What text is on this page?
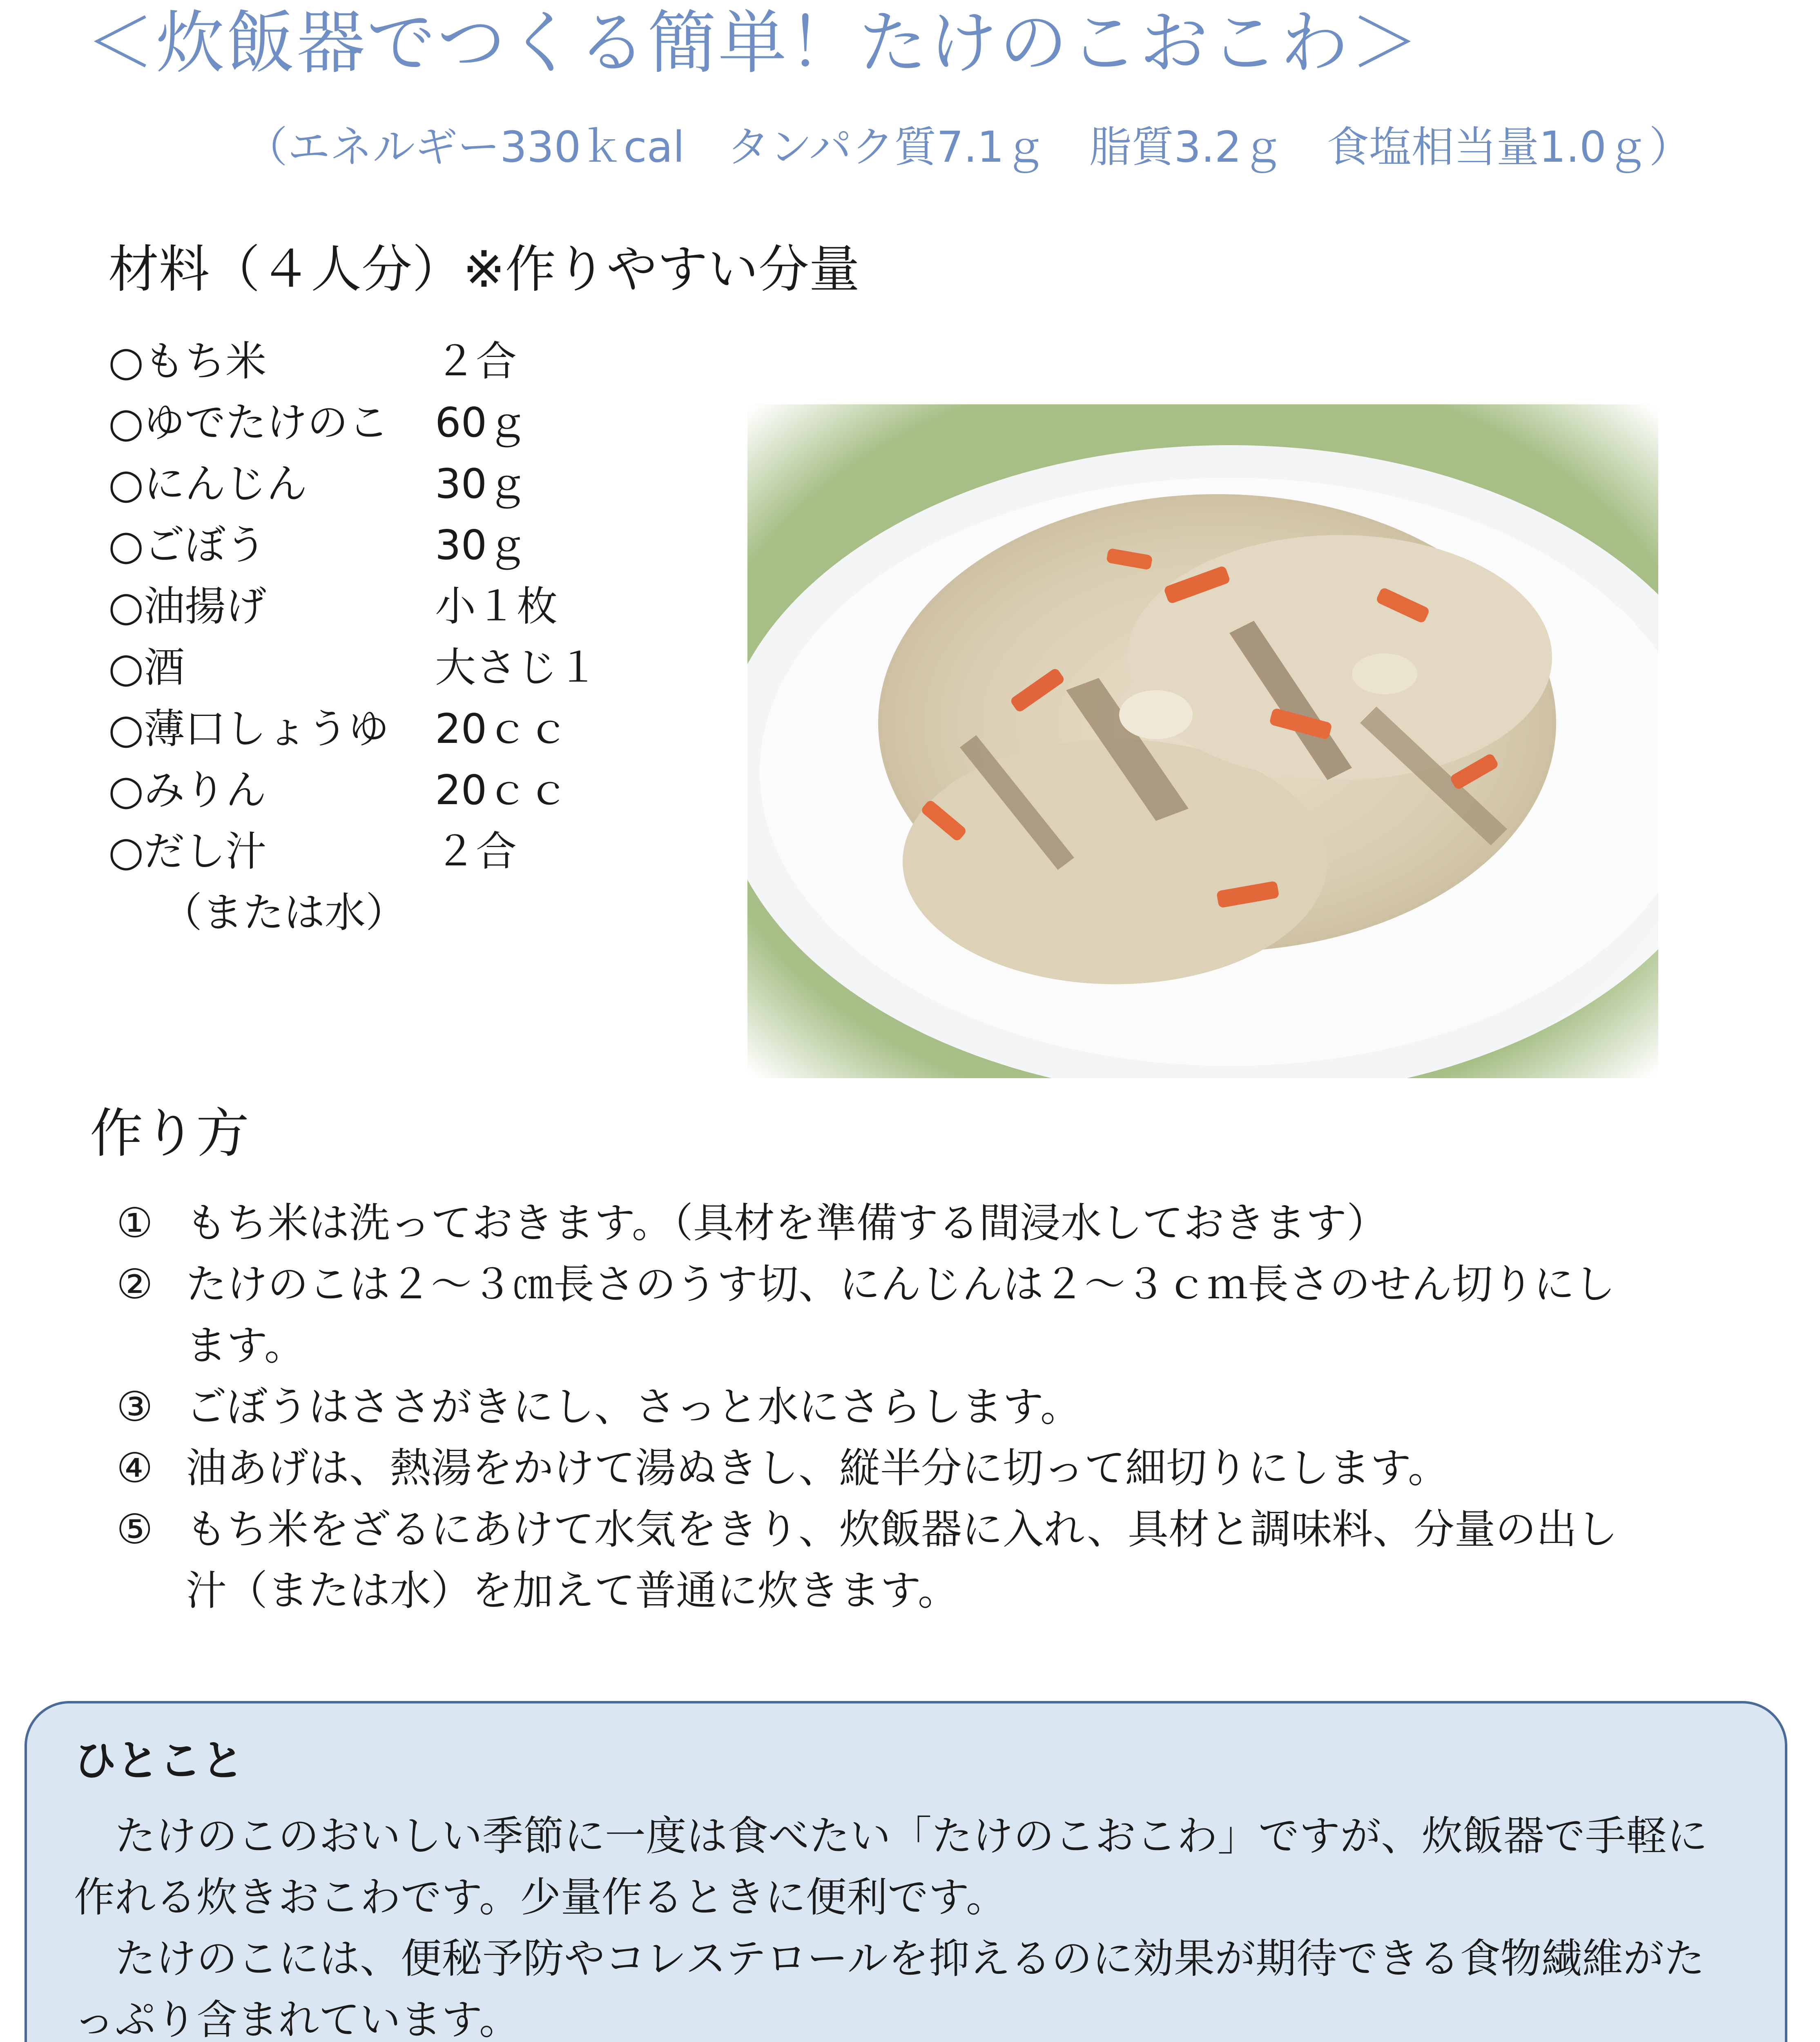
＜炊飯器でつくる簡単！たけのこおこわ＞
（エネルギー330ｋcal　タンパク質7.1ｇ　脂質3.2ｇ　食塩相当量1.0ｇ）
材料（４人分）※作りやすい分量
○もち米	２合
○ゆでたけのこ 60ｇ
○にんじん	30ｇ
○ごぼう	30ｇ
○油揚げ	小１枚
○酒	大さじ１
○薄口しょうゆ 20ｃｃ
○みりん	20ｃｃ
○だし汁	２合
（または水）
作り方
① もち米は洗っておきます。（具材を準備する間浸水しておきます）
② たけのこは２～３㎝長さのうす切、にんじんは２～３ｃｍ長さのせん切りにし
ます。
③ ごぼうはささがきにし、さっと水にさらします。
④ 油あげは、熱湯をかけて湯ぬきし、縦半分に切って細切りにします。
⑤ もち米をざるにあけて水気をきり、炊飯器に入れ、具材と調味料、分量の出し
汁（または水）を加えて普通に炊きます。
ひとこと
　たけのこのおいしい季節に一度は食べたい「たけのこおこわ」ですが、炊飯器で手軽に
作れる炊きおこわです。少量作るときに便利です。
　たけのこには、便秘予防やコレステロールを抑えるのに効果が期待できる食物繊維がた
っぷり含まれています。
